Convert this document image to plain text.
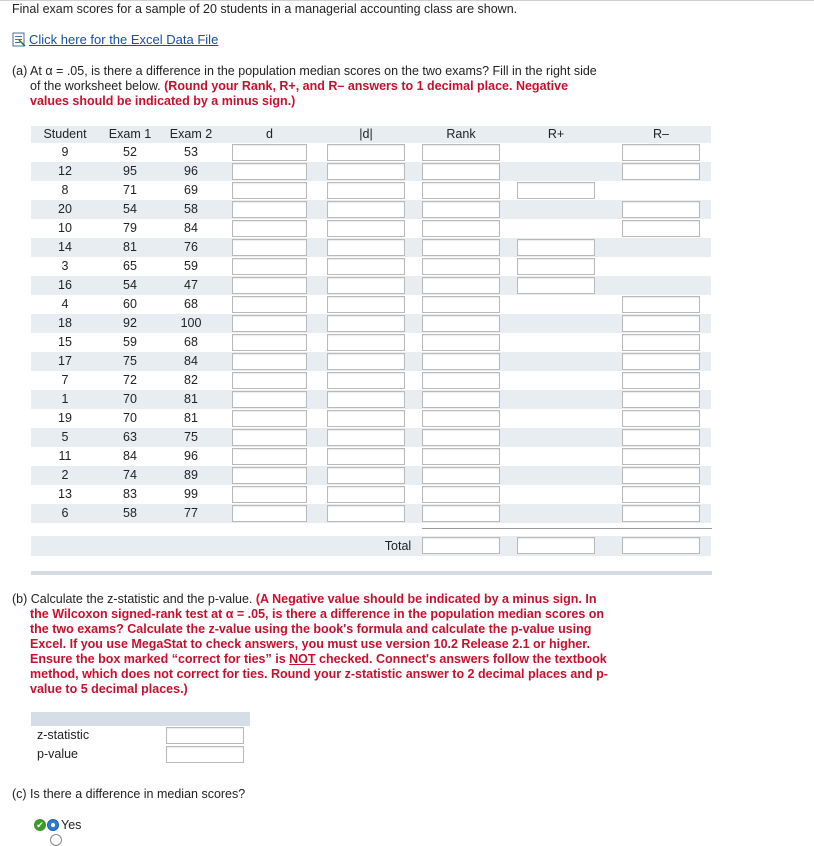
Final exam scores for a sample of 20 students in a managerial accounting class are shown.
Click here for the Excel Data File
(a) At α = .05, is there a difference in the population median scores on the two exams? Fill in the right side
of the worksheet below. (Round your Rank, R+, and R– answers to 1 decimal place. Negative
values should be indicated by a minus sign.)
Student	Exam 1	Exam 2	d	|d|	Rank	R+	R–
9	52	53
12	95	96
8	71	69
20	54	58
10	79	84
14	81	76
3	65	59
16	54	47
4	60	68
18	92	100
15	59	68
17	75	84
7	72	82
1	70	81
19	70	81
5	63	75
11	84	96
2	74	89
13	83	99
6	58	77
Total
(b) Calculate the z-statistic and the p-value. (A Negative value should be indicated by a minus sign. In
the Wilcoxon signed-rank test at α = .05, is there a difference in the population median scores on
the two exams? Calculate the z-value using the book's formula and calculate the p-value using
Excel. If you use MegaStat to check answers, you must use version 10.2 Release 2.1 or higher.
Ensure the box marked “correct for ties” is NOT checked. Connect's answers follow the textbook
method, which does not correct for ties. Round your z-statistic answer to 2 decimal places and p-
value to 5 decimal places.)
z-statistic
p-value
(c) Is there a difference in median scores?
✔ Yes
